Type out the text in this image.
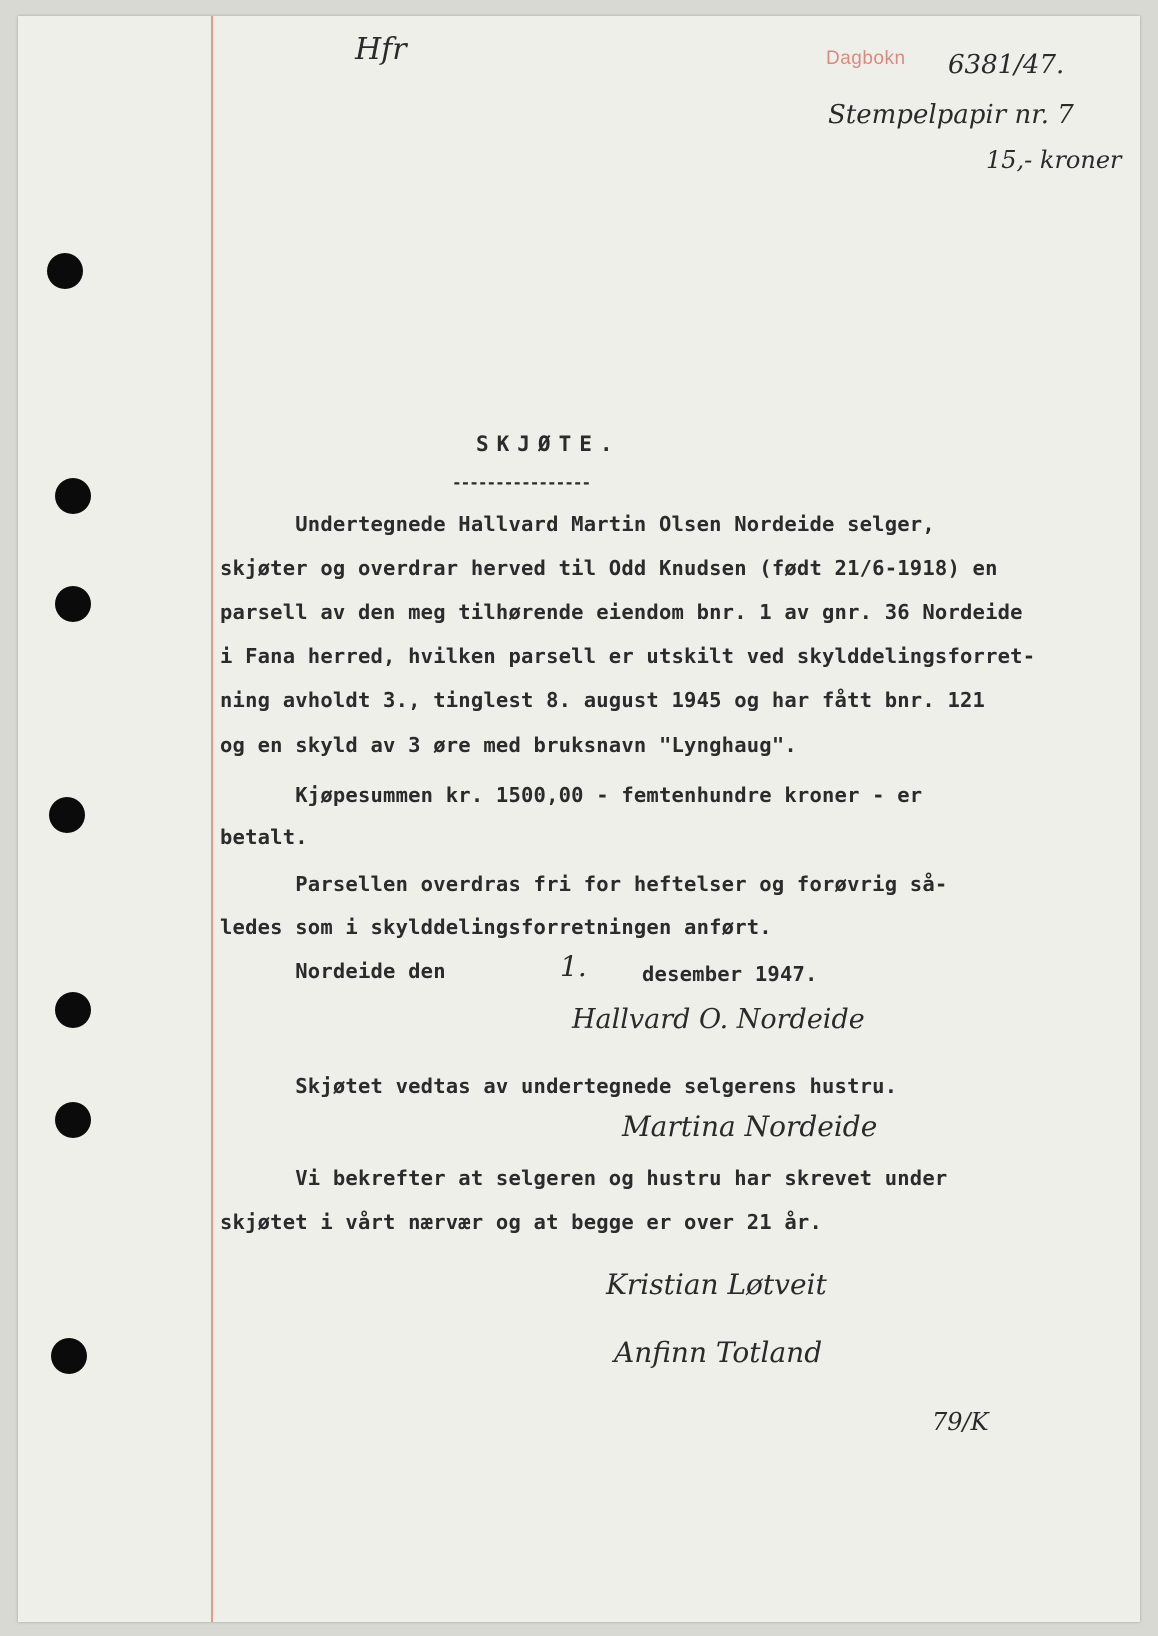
Hfr	Dagbokn 6381/47.
Stempelpapir nr. 7
15,- kroner
SKJØTE.
----------------
Undertegnede Hallvard Martin Olsen Nordeide selger,
skjøter og overdrar herved til Odd Knudsen (født 21/6-1918) en
parsell av den meg tilhørende eiendom bnr. 1 av gnr. 36 Nordeide
i Fana herred, hvilken parsell er utskilt ved skylddelingsforret-
ning avholdt 3., tinglest 8. august 1945 og har fått bnr. 121
og en skyld av 3 øre med bruksnavn "Lynghaug".
Kjøpesummen kr. 1500,00 - femtenhundre kroner - er
betalt.
Parsellen overdras fri for heftelser og forøvrig så-
ledes som i skylddelingsforretningen anført.
Nordeide den	1.	desember 1947.
Hallvard O. Nordeide
Skjøtet vedtas av undertegnede selgerens hustru.
Martina Nordeide
Vi bekrefter at selgeren og hustru har skrevet under
skjøtet i vårt nærvær og at begge er over 21 år.
Kristian Løtveit
Anfinn Totland
79/K
